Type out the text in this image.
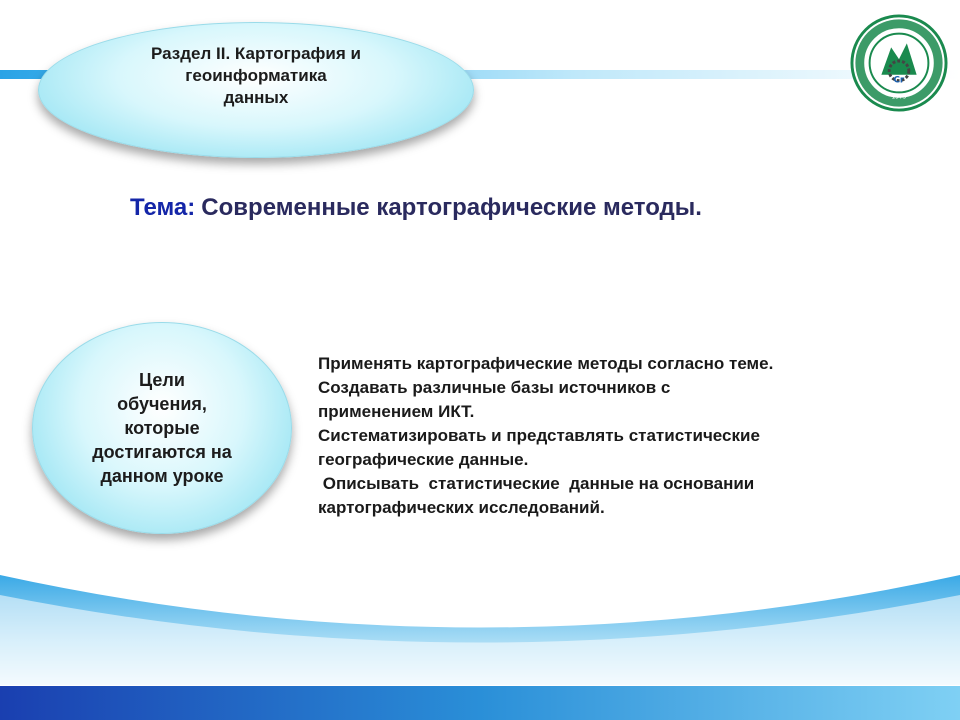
Раздел II. Картография и
геоинформатика
данных
Сг
1979
Тема: Современные картографические методы.
Цели
обучения,
которые
достигаются на
данном уроке
Применять картографические методы согласно теме.
Создавать различные базы источников с
применением ИКТ.
Систематизировать и представлять статистические
географические данные.
Описывать  статистические  данные на основании
картографических исследований.
